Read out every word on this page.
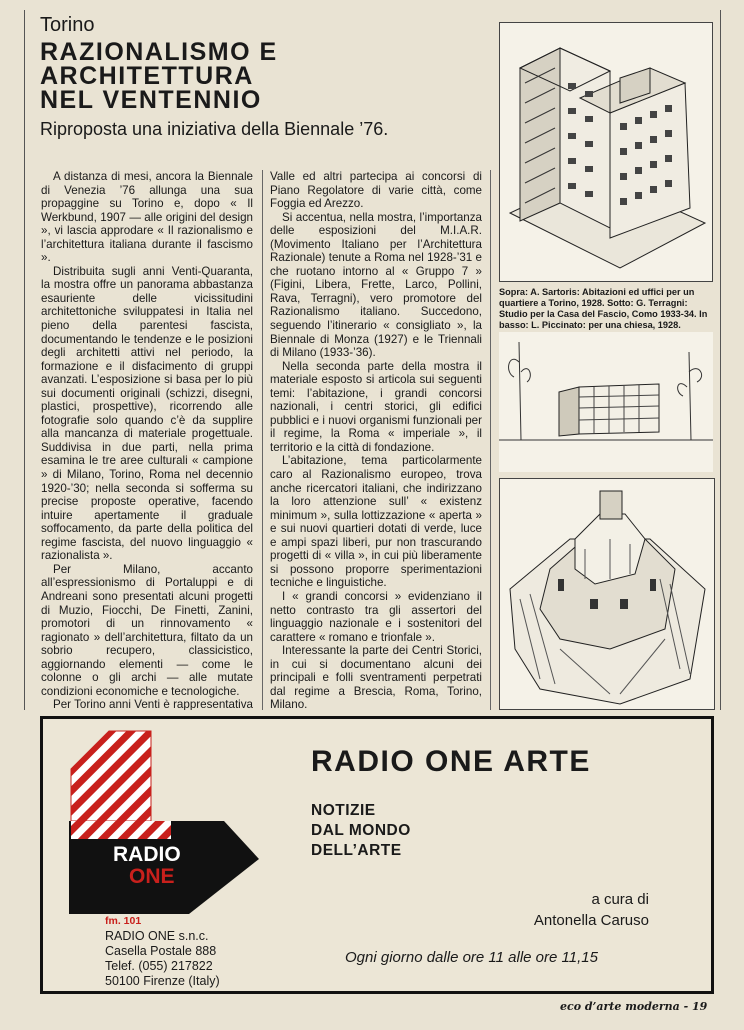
Torino
RAZIONALISMO E
ARCHITETTURA
NEL VENTENNIO
Riproposta una iniziativa della Biennale ’76.

A distanza di mesi, ancora la Biennale di Venezia ’76 allunga una sua propaggine su Torino e, dopo « Il Werkbund, 1907 — alle origini del design », vi lascia approdare « Il razionalismo e l’architettura italiana durante il fascismo ».

Distribuita sugli anni Venti-Quaranta, la mostra offre un panorama abbastanza esauriente delle vicissitudini architettoniche sviluppatesi in Italia nel pieno della parentesi fascista, documentando le tendenze e le posizioni degli architetti attivi nel periodo, la formazione e il disfacimento di gruppi avanzati. L’esposizione si basa per lo più sui documenti originali (schizzi, disegni, plastici, prospettive), ricorrendo alle fotografie solo quando c’è da supplire alla mancanza di materiale progettuale. Suddivisa in due parti, nella prima esamina le tre aree culturali « campione » di Milano, Torino, Roma nel decennio 1920-’30; nella seconda si sofferma su precise proposte operative, facendo intuire apertamente il graduale soffocamento, da parte della politica del regime fascista, del nuovo linguaggio « razionalista ».

Per Milano, accanto all’espressionismo di Portaluppi e di Andreani sono presentati alcuni progetti di Muzio, Fiocchi, De Finetti, Zanini, promotori di un rinnovamento « ragionato » dell’architettura, filtato da un sobrio recupero, classicistico, aggiornando elementi — come le colonne o gli archi — alle mutate condizioni economiche e tecnologiche.

Per Torino anni Venti è rappresentativa

Valle ed altri partecipa ai concorsi di Piano Regolatore di varie città, come Foggia ed Arezzo.

Si accentua, nella mostra, l’importanza delle esposizioni del M.I.A.R. (Movimento Italiano per l’Architettura Razionale) tenute a Roma nel 1928-’31 e che ruotano intorno al « Gruppo 7 » (Figini, Libera, Frette, Larco, Pollini, Rava, Terragni), vero promotore del Razionalismo italiano. Succedono, seguendo l’itinerario « consigliato », la Biennale di Monza (1927) e le Triennali di Milano (1933-’36).

Nella seconda parte della mostra il materiale esposto si articola sui seguenti temi: l’abitazione, i grandi concorsi nazionali, i centri storici, gli edifici pubblici e i nuovi organismi funzionali per il regime, la Roma « imperiale », il territorio e la città di fondazione.

L’abitazione, tema particolarmente caro al Razionalismo europeo, trova anche ricercatori italiani, che indirizzano la loro attenzione sull’ « existenz minimum », sulla lottizzazione « aperta » e sui nuovi quartieri dotati di verde, luce e ampi spazi liberi, pur non trascurando progetti di « villa », in cui più liberamente si possono proporre sperimentazioni tecniche e linguistiche.

I « grandi concorsi » evidenziano il netto contrasto tra gli assertori del linguaggio nazionale e i sostenitori del carattere « romano e trionfale ».

Interessante la parte dei Centri Storici, in cui si documentano alcuni dei principali e folli sventramenti perpetrati dal regime a Brescia, Roma, Torino, Milano.

Sopra: A. Sartoris: Abitazioni ed uffici per un quartiere a Torino, 1928. Sotto: G. Terragni: Studio per la Casa del Fascio, Como 1933-34. In basso: L. Piccinato: per una chiesa, 1928.
RADIO
ONE
RADIO ONE ARTE
NOTIZIE
DAL MONDO
DELL’ARTE
a cura di
Antonella Caruso
Ogni giorno dalle ore 11 alle ore 11,15
fm. 101
RADIO ONE s.n.c.
Casella Postale 888
Telef. (055) 217822
50100 Firenze (Italy)
eco d’arte moderna - 19
